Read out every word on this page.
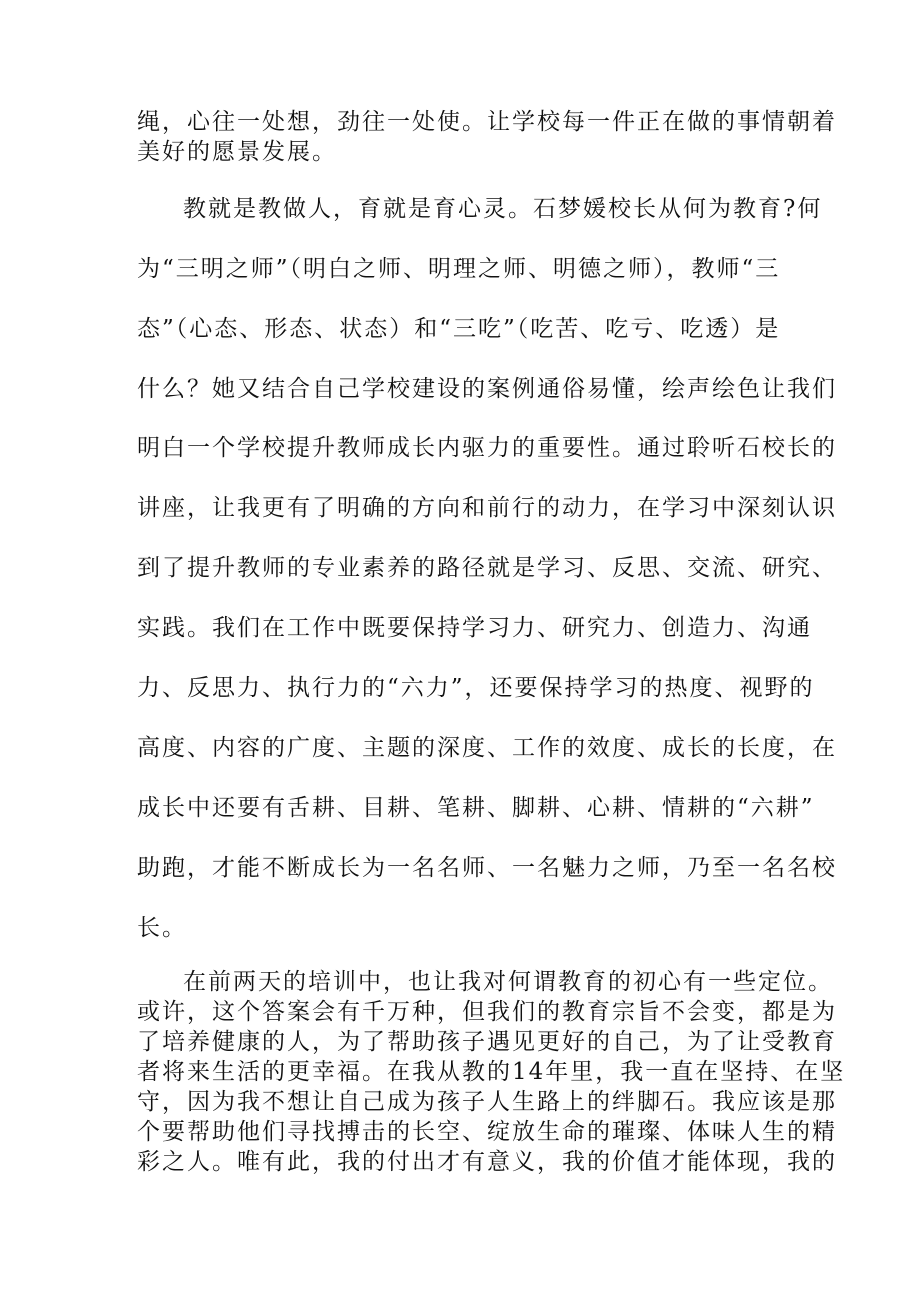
绳，心往一处想，劲往一处使。让学校每一件正在做的事情朝着
美好的愿景发展。
教就是教做人，育就是育心灵。石梦媛校长从何为教育?何
为“三明之师”（明白之师、明理之师、明德之师），教师“三
态”（心态、形态、状态）和“三吃”（吃苦、吃亏、吃透）是
什么？她又结合自己学校建设的案例通俗易懂，绘声绘色让我们
明白一个学校提升教师成长内驱力的重要性。通过聆听石校长的
讲座，让我更有了明确的方向和前行的动力，在学习中深刻认识
到了提升教师的专业素养的路径就是学习、反思、交流、研究、
实践。我们在工作中既要保持学习力、研究力、创造力、沟通
力、反思力、执行力的“六力”，还要保持学习的热度、视野的
高度、内容的广度、主题的深度、工作的效度、成长的长度，在
成长中还要有舌耕、目耕、笔耕、脚耕、心耕、情耕的“六耕”
助跑，才能不断成长为一名名师、一名魅力之师，乃至一名名校
长。
在前两天的培训中，也让我对何谓教育的初心有一些定位。
或许，这个答案会有千万种，但我们的教育宗旨不会变，都是为
了培养健康的人，为了帮助孩子遇见更好的自己，为了让受教育
者将来生活的更幸福。在我从教的14年里，我一直在坚持、在坚
守，因为我不想让自己成为孩子人生路上的绊脚石。我应该是那
个要帮助他们寻找搏击的长空、绽放生命的璀璨、体味人生的精
彩之人。唯有此，我的付出才有意义，我的价值才能体现，我的
